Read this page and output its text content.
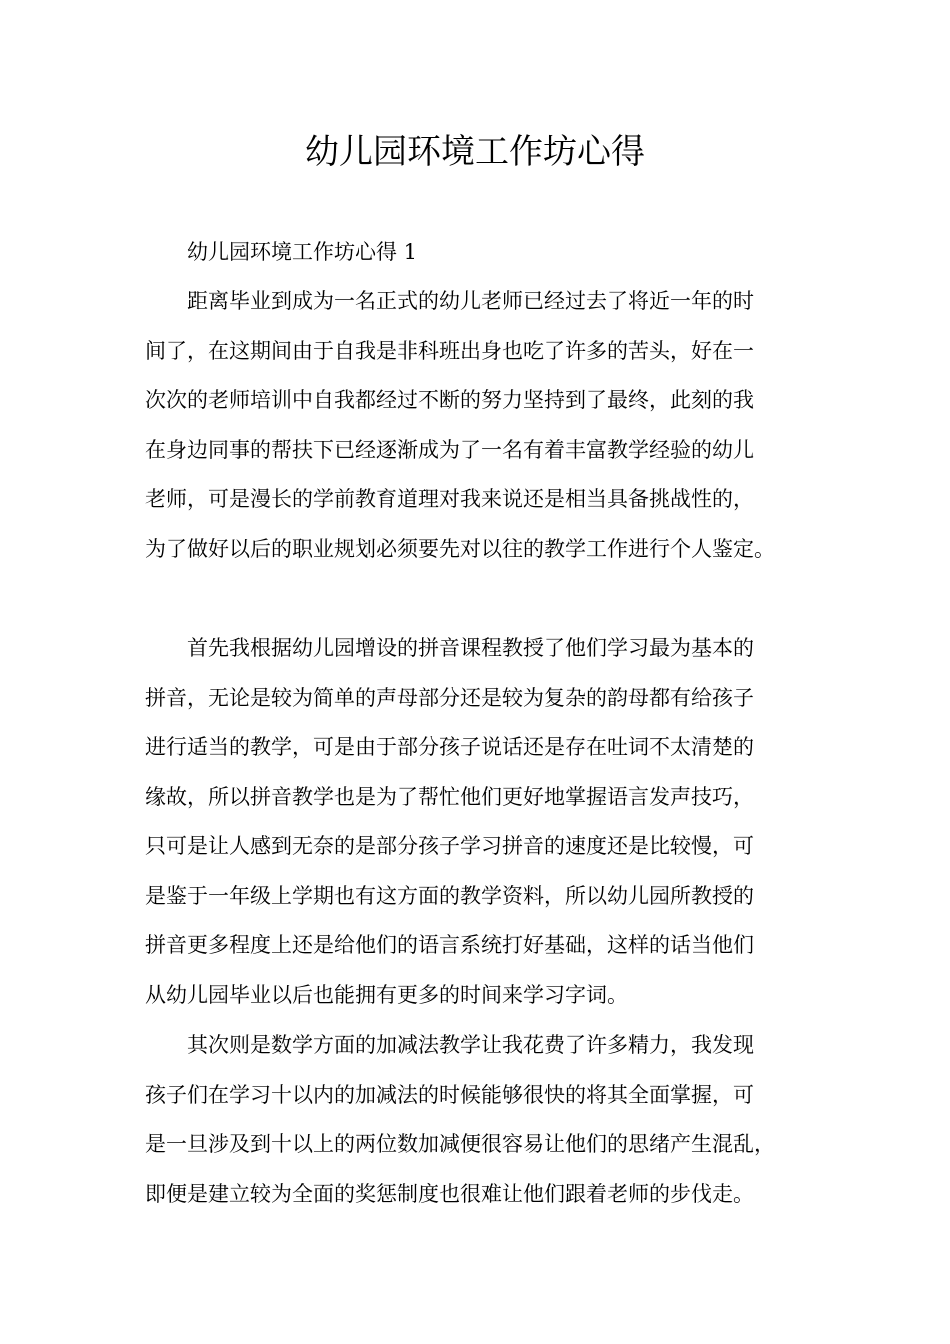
幼儿园环境工作坊心得

幼儿园环境工作坊心得 1

距离毕业到成为一名正式的幼儿老师已经过去了将近一年的时
间了，在这期间由于自我是非科班出身也吃了许多的苦头，好在一
次次的老师培训中自我都经过不断的努力坚持到了最终，此刻的我
在身边同事的帮扶下已经逐渐成为了一名有着丰富教学经验的幼儿
老师，可是漫长的学前教育道理对我来说还是相当具备挑战性的，
为了做好以后的职业规划必须要先对以往的教学工作进行个人鉴定。
首先我根据幼儿园增设的拼音课程教授了他们学习最为基本的
拼音，无论是较为简单的声母部分还是较为复杂的韵母都有给孩子
进行适当的教学，可是由于部分孩子说话还是存在吐词不太清楚的
缘故，所以拼音教学也是为了帮忙他们更好地掌握语言发声技巧，
只可是让人感到无奈的是部分孩子学习拼音的速度还是比较慢，可
是鉴于一年级上学期也有这方面的教学资料，所以幼儿园所教授的
拼音更多程度上还是给他们的语言系统打好基础，这样的话当他们
从幼儿园毕业以后也能拥有更多的时间来学习字词。
其次则是数学方面的加减法教学让我花费了许多精力，我发现
孩子们在学习十以内的加减法的时候能够很快的将其全面掌握，可
是一旦涉及到十以上的两位数加减便很容易让他们的思绪产生混乱，
即便是建立较为全面的奖惩制度也很难让他们跟着老师的步伐走。
